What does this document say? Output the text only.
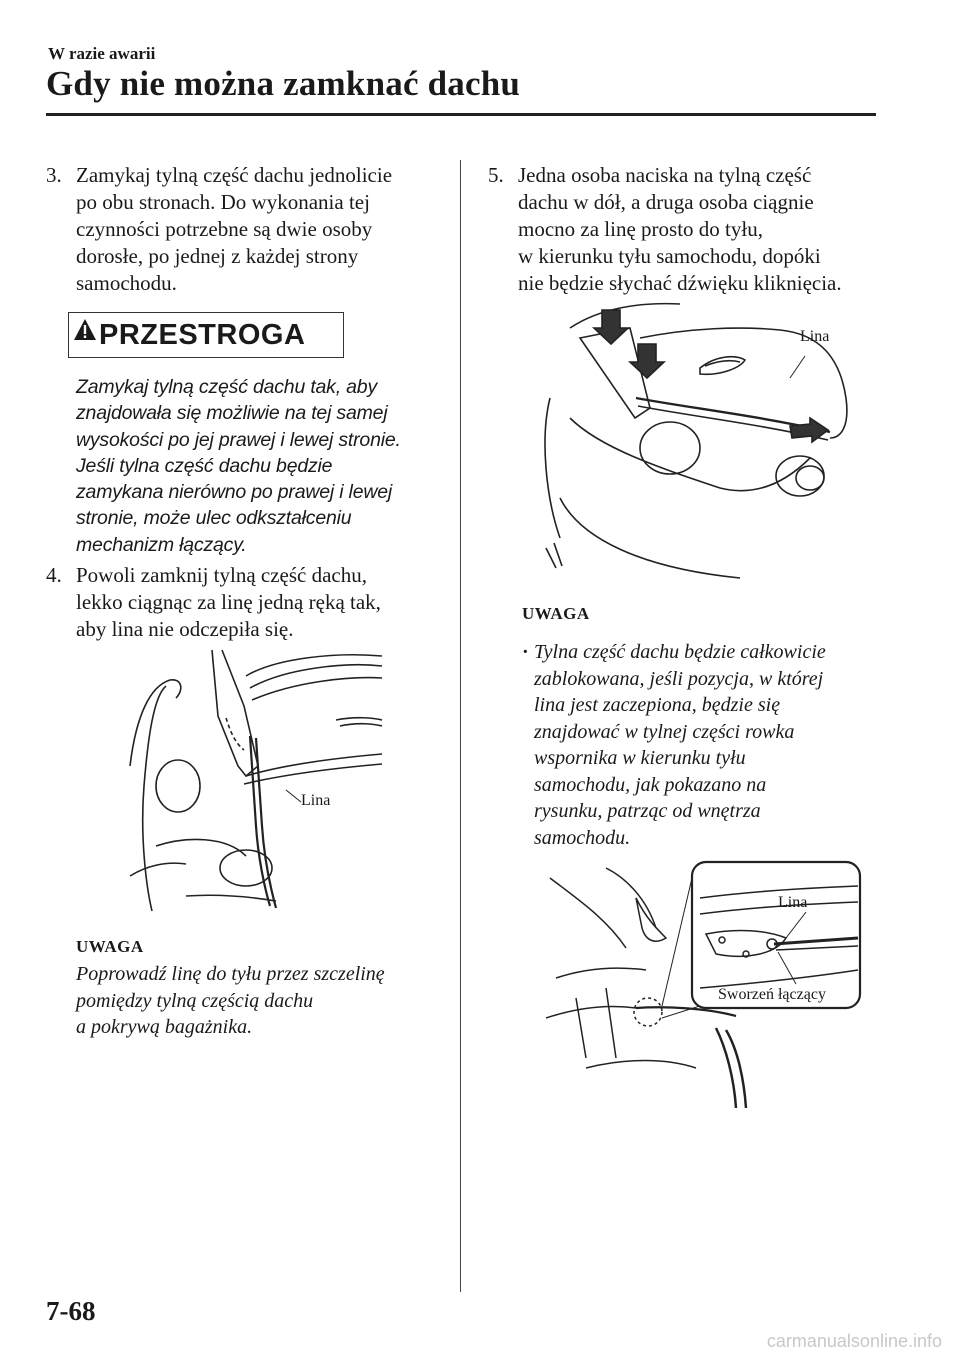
W razie awarii
Gdy nie można zamknać dachu
3. Zamykaj tylną część dachu jednolicie
po obu stronach. Do wykonania tej
czynności potrzebne są dwie osoby
dorosłe, po jednej z każdej strony
samochodu.
PRZESTROGA
Zamykaj tylną część dachu tak, aby
znajdowała się możliwie na tej samej
wysokości po jej prawej i lewej stronie.
Jeśli tylna część dachu będzie
zamykana nierówno po prawej i lewej
stronie, może ulec odkształceniu
mechanizm łączący.
4. Powoli zamknij tylną część dachu,
lekko ciągnąc za linę jedną ręką tak,
aby lina nie odczepiła się.
Lina
UWAGA
Poprowadź linę do tyłu przez szczelinę
pomiędzy tylną częścią dachu
a pokrywą bagażnika.
5. Jedna osoba naciska na tylną część
dachu w dół, a druga osoba ciągnie
mocno za linę prosto do tyłu,
w kierunku tyłu samochodu, dopóki
nie będzie słychać dźwięku kliknięcia.
Lina
UWAGA
· Tylna część dachu będzie całkowicie
zablokowana, jeśli pozycja, w której
lina jest zaczepiona, będzie się
znajdować w tylnej części rowka
wspornika w kierunku tyłu
samochodu, jak pokazano na
rysunku, patrząc od wnętrza
samochodu.
Lina
Sworzeń łączący
7-68
carmanualsonline.info
